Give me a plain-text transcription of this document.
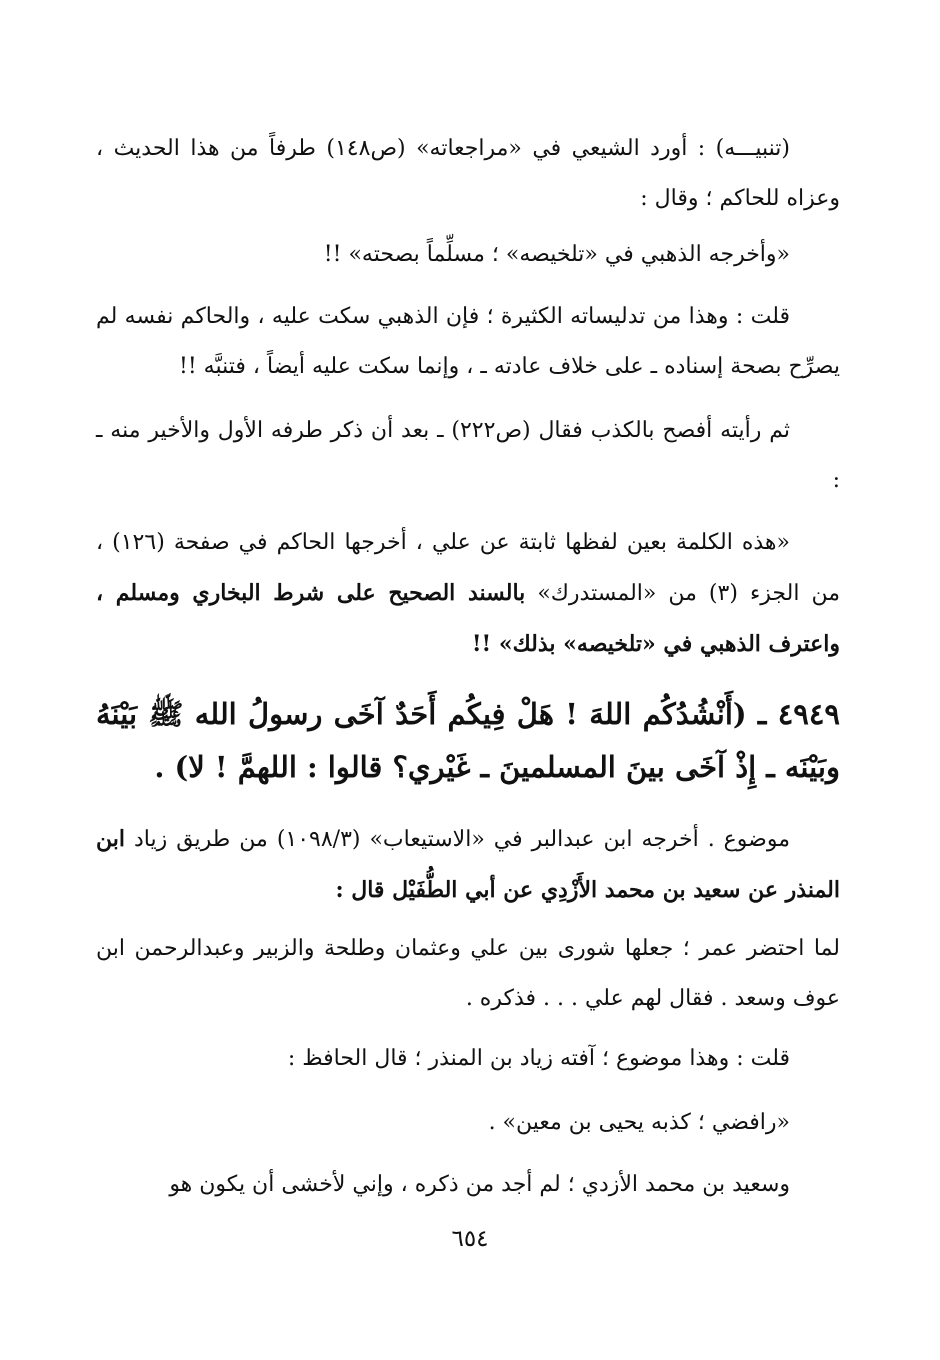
(تنبيـــه) : أورد الشيعي في «مراجعاته» (ص١٤٨) طرفاً من هذا الحديث ، وعزاه للحاكم ؛ وقال :

«وأخرجه الذهبي في «تلخيصه» ؛ مسلِّماً بصحته» !!

قلت : وهذا من تدليساته الكثيرة ؛ فإن الذهبي سكت عليه ، والحاكم نفسه لم يصرِّح بصحة إسناده ـ على خلاف عادته ـ ، وإنما سكت عليه أيضاً ، فتنبَّه !!

ثم رأيته أفصح بالكذب فقال (ص٢٢٢) ـ بعد أن ذكر طرفه الأول والأخير منه ـ :

«هذه الكلمة بعين لفظها ثابتة عن علي ، أخرجها الحاكم في صفحة (١٢٦) ، من الجزء (٣) من «المستدرك» بالسند الصحيح على شرط البخاري ومسلم ، واعترف الذهبي في «تلخيصه» بذلك» !!

٤٩٤٩ ـ (أَنْشُدُكُم اللهَ ! هَلْ فِيكُم أَحَدٌ آخَى رسولُ الله ﷺ بَيْنَهُ وبَيْنَه ـ إِذْ آخَى بينَ المسلمينَ ـ غَيْري؟ قالوا : اللهمَّ ! لا) .

موضوع . أخرجه ابن عبدالبر في «الاستيعاب» (١٠٩٨/٣) من طريق زياد ابن المنذر عن سعيد بن محمد الأَزْدِي عن أبي الطُّفَيْل قال :

لما احتضر عمر ؛ جعلها شورى بين علي وعثمان وطلحة والزبير وعبدالرحمن ابن عوف وسعد . فقال لهم علي . . . فذكره .

قلت : وهذا موضوع ؛ آفته زياد بن المنذر ؛ قال الحافظ :

«رافضي ؛ كذبه يحيى بن معين» .

وسعيد بن محمد الأزدي ؛ لم أجد من ذكره ، وإني لأخشى أن يكون هو

٦٥٤
